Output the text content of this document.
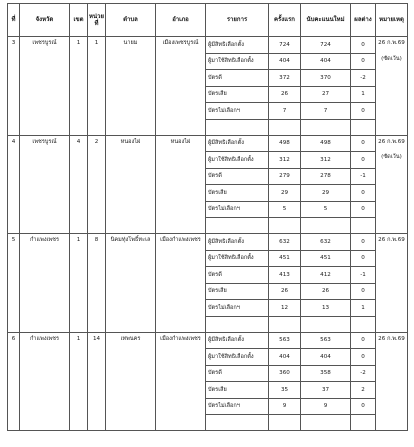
ที่	จังหวัด	เขต	หน่วยที่	ตำบล	อำเภอ	รายการ	ครั้งแรก	นับคะแนนใหม่	ผลต่าง	หมายเหตุ
3	เพชรบูรณ์	1	1	นายม	เมืองเพชรบูรณ์	ผู้มีสิทธิเลือกตั้ง	724	724	0	26 ก.พ.69
(ซัดเว้น)

						ผู้มาใช้สิทธิเลือกตั้ง	404	404	0	
						บัตรดี	372	370	-2	
						บัตรเสีย	26	27	1	
						บัตรไม่เลือกฯ	7	7	0	

4	เพชรบูรณ์	4	2	หนองไผ่	หนองไผ่	ผู้มีสิทธิเลือกตั้ง	498	498	0	26 ก.พ.69
(ซัดเว้น)

						ผู้มาใช้สิทธิเลือกตั้ง	312	312	0	
						บัตรดี	279	278	-1	
						บัตรเสีย	29	29	0	
						บัตรไม่เลือกฯ	5	5	0	

5	กำแพงเพชร	1	8	นิคมทุ่งโพธิ์ทะเล	เมืองกำแพงเพชร	ผู้มีสิทธิเลือกตั้ง	632	632	0	26 ก.พ.69

						ผู้มาใช้สิทธิเลือกตั้ง	451	451	0	
						บัตรดี	413	412	-1	
						บัตรเสีย	26	26	0	
						บัตรไม่เลือกฯ	12	13	1	

6	กำแพงเพชร	1	14	เทพนคร	เมืองกำแพงเพชร	ผู้มีสิทธิเลือกตั้ง	563	563	0	26 ก.พ.69

						ผู้มาใช้สิทธิเลือกตั้ง	404	404	0	
						บัตรดี	360	358	-2	
						บัตรเสีย	35	37	2	
						บัตรไม่เลือกฯ	9	9	0	
